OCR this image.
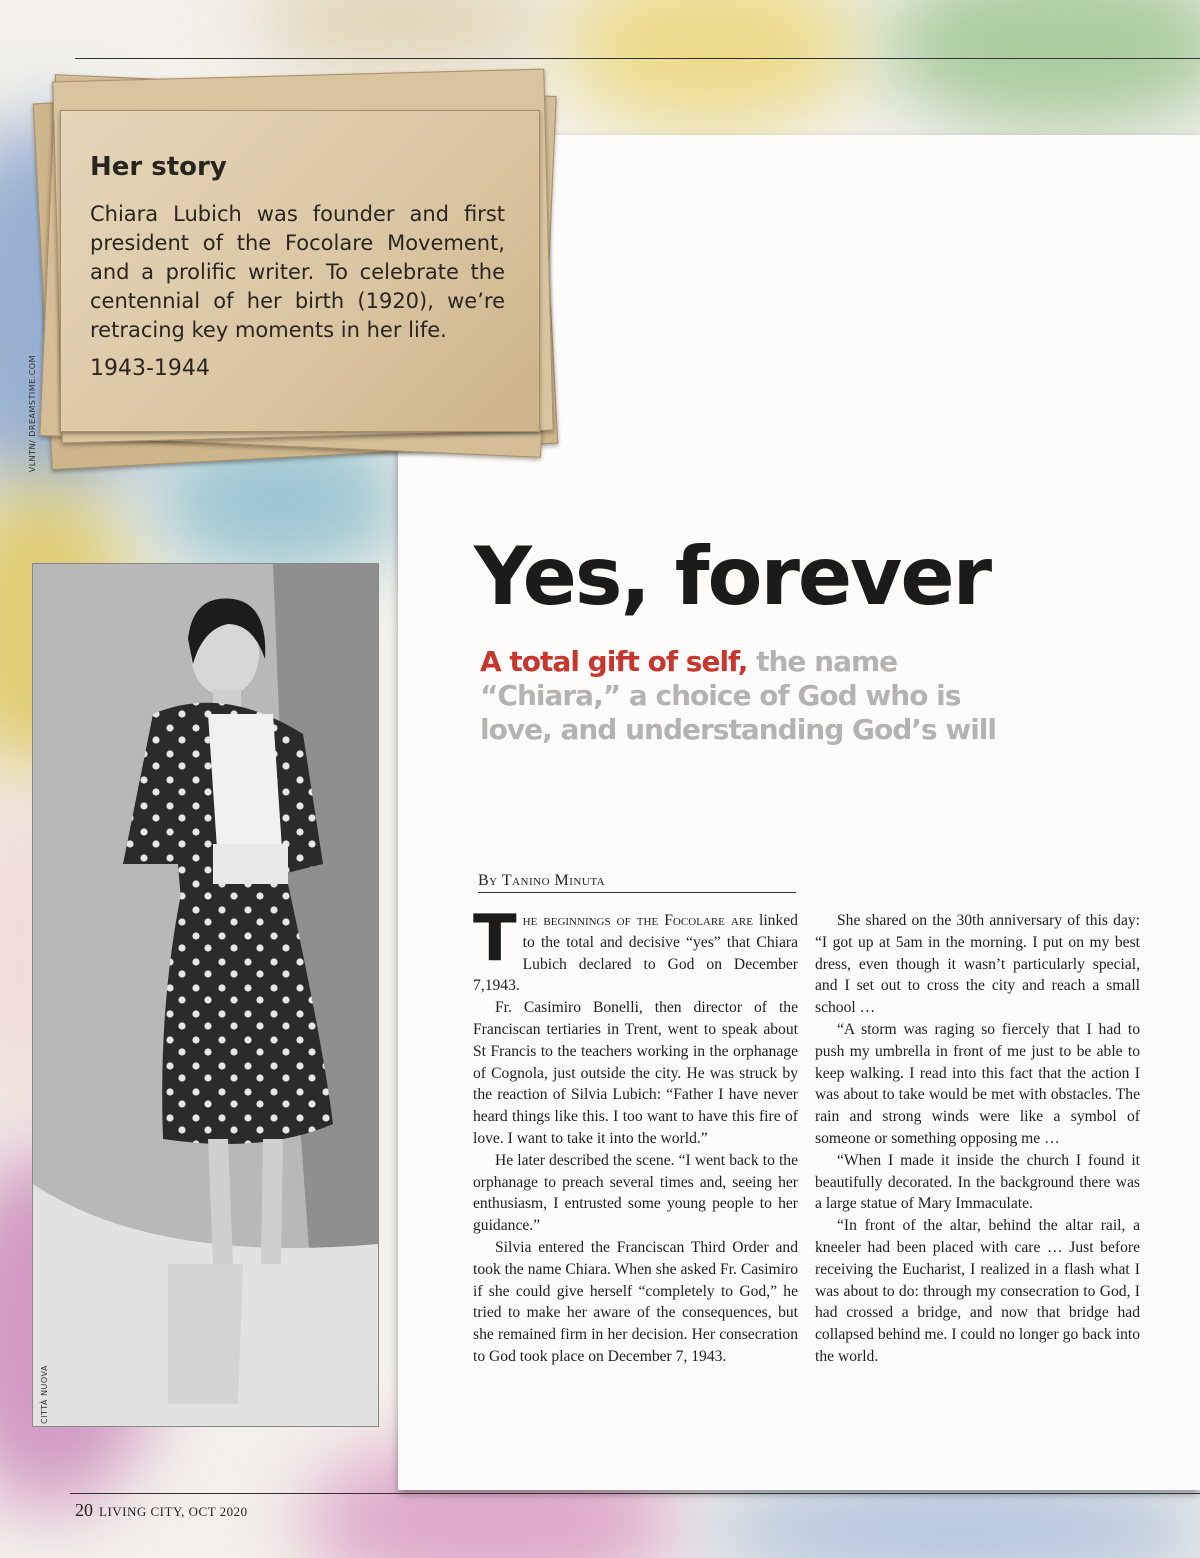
Her story

Chiara Lubich was founder and first president of the Focolare Movement, and a prolific writer. To celebrate the centennial of her birth (1920), we’re retracing key moments in her life.

1943-1944

VLNTN/ DREAMSTIME.COM
CITTÀ NUOVA
Yes, forever

A total gift of self, the name “Chiara,” a choice of God who is love, and understanding God’s will

By Tanino Minuta

The beginnings of the Focolare are linked to the total and decisive “yes” that Chiara Lubich declared to God on December 7,1943.

Fr. Casimiro Bonelli, then director of the Franciscan tertiaries in Trent, went to speak about St Francis to the teachers working in the orphanage of Cognola, just outside the city. He was struck by the reaction of Silvia Lubich: “Father I have never heard things like this. I too want to have this fire of love. I want to take it into the world.”

He later described the scene. “I went back to the orphanage to preach several times and, seeing her enthusiasm, I entrusted some young people to her guidance.”

Silvia entered the Franciscan Third Order and took the name Chiara. When she asked Fr. Casimiro if she could give herself “completely to God,” he tried to make her aware of the consequences, but she remained firm in her decision. Her consecration to God took place on December 7, 1943.

She shared on the 30th anniversary of this day: “I got up at 5am in the morning. I put on my best dress, even though it wasn’t particularly special, and I set out to cross the city and reach a small school …

“A storm was raging so fiercely that I had to push my umbrella in front of me just to be able to keep walking. I read into this fact that the action I was about to take would be met with obstacles. The rain and strong winds were like a symbol of someone or something opposing me …

“When I made it inside the church I found it beautifully decorated. In the background there was a large statue of Mary Immaculate.

“In front of the altar, behind the altar rail, a kneeler had been placed with care … Just before receiving the Eucharist, I realized in a flash what I was about to do: through my consecration to God, I had crossed a bridge, and now that bridge had collapsed behind me. I could no longer go back into the world.

20 LIVING CITY, OCT 2020
